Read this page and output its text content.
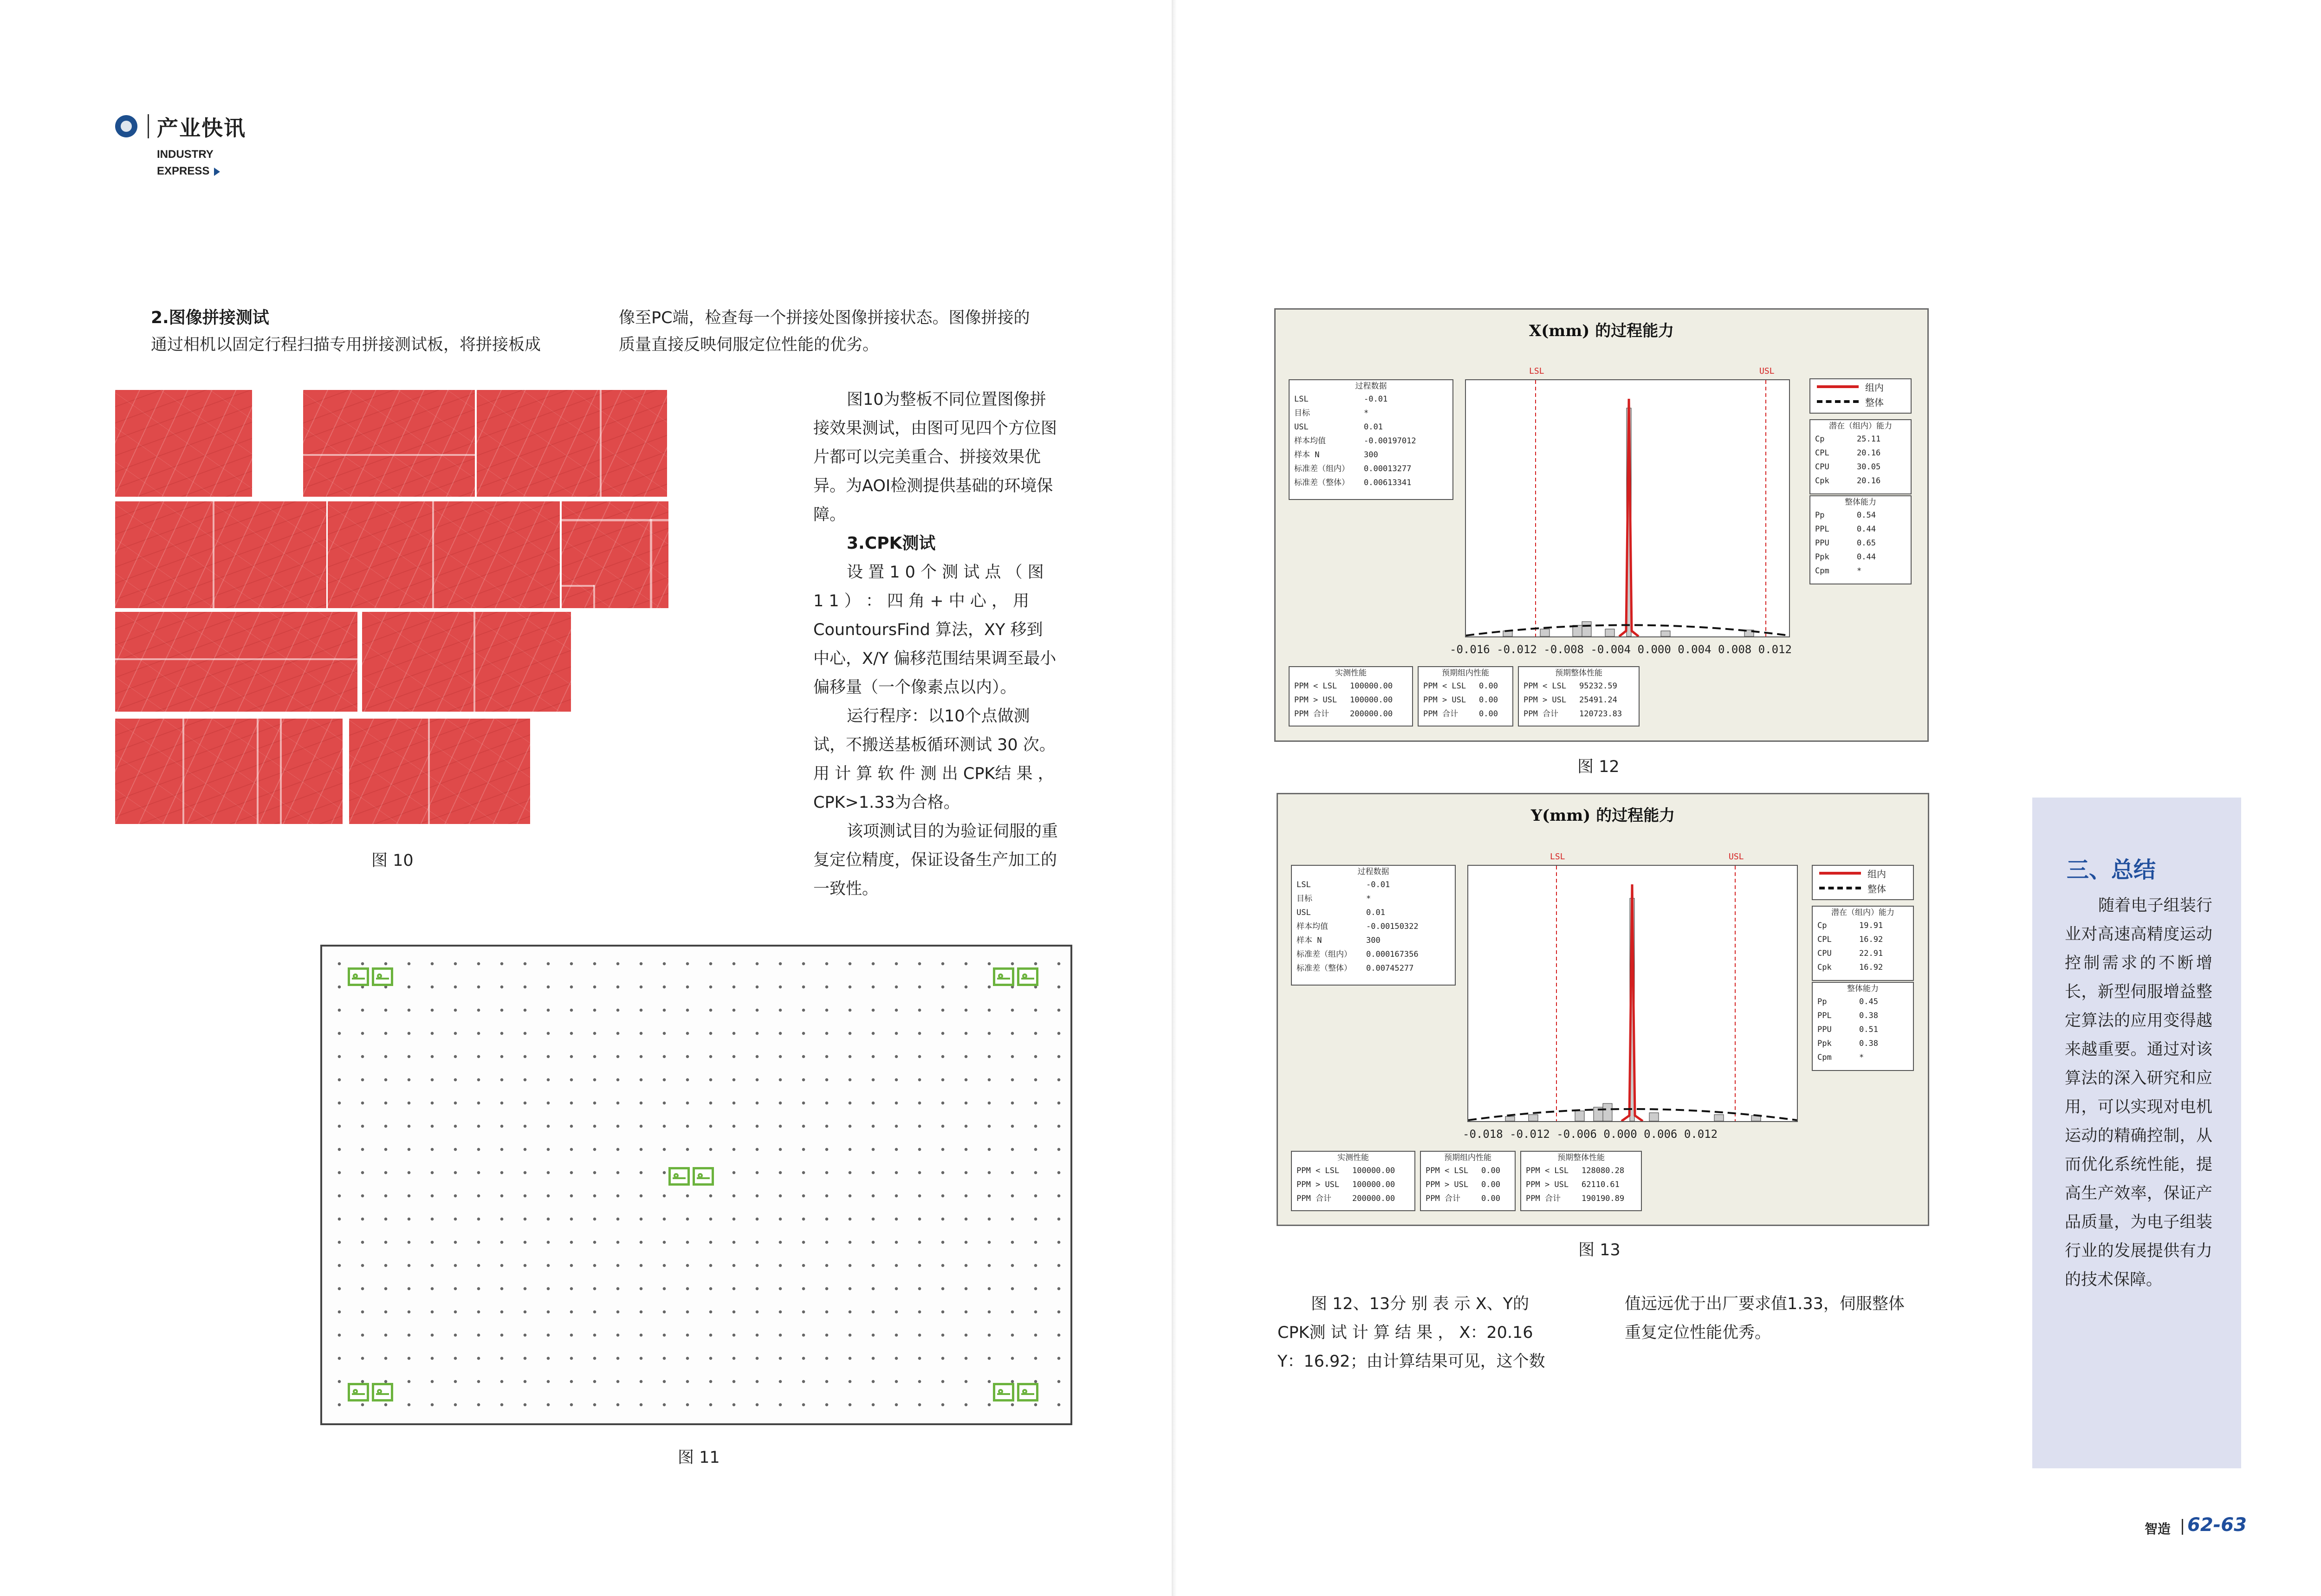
产业快讯
INDUSTRY
EXPRESS
2.图像拼接测试
通过相机以固定行程扫描专用拼接测试板，将拼接板成
像至PC端，检查每一个拼接处图像拼接状态。图像拼接的
质量直接反映伺服定位性能的优劣。
图 10
图10为整板不同位置图像拼
接效果测试，由图可见四个方位图
片都可以完美重合、拼接效果优
异。为AOI检测提供基础的环境保
障。
3.CPK测试
设 置 1 0 个 测 试 点 （ 图
1 1 ） ： 四 角 + 中 心 ， 用
CountoursFind 算法，XY 移到
中心，X/Y 偏移范围结果调至最小
偏移量（一个像素点以内）。
运行程序：以10个点做测
试，不搬送基板循环测试 30 次。
用 计 算 软 件 测 出 CPK结 果 ，
CPK>1.33为合格。
该项测试目的为验证伺服的重
复定位精度，保证设备生产加工的
一致性。
图 11
X(mm) 的过程能力
过程数据
LSL	-0.01
目标	*
USL	0.01
样本均值	-0.00197012
样本 N	300
标准差（组内）	0.00013277
标准差（整体）	0.00613341
LSL	USL
-0.016 -0.012 -0.008 -0.004 0.000 0.004 0.008 0.012
组内
整体
潜在（组内）能力
Cp	25.11
CPL	20.16
CPU	30.05
Cpk	20.16
整体能力
Pp	0.54
PPL	0.44
PPU	0.65
Ppk	0.44
Cpm	*
实测性能
PPM < LSL	100000.00
PPM > USL	100000.00
PPM 合计	200000.00
预期组内性能
PPM < LSL	0.00
PPM > USL	0.00
PPM 合计	0.00
预期整体性能
PPM < LSL	95232.59
PPM > USL	25491.24
PPM 合计	120723.83
图 12
Y(mm) 的过程能力
过程数据
LSL	-0.01
目标	*
USL	0.01
样本均值	-0.00150322
样本 N	300
标准差（组内）	0.000167356
标准差（整体）	0.00745277
LSL	USL
-0.018 -0.012 -0.006 0.000 0.006 0.012
组内
整体
潜在（组内）能力
Cp	19.91
CPL	16.92
CPU	22.91
Cpk	16.92
整体能力
Pp	0.45
PPL	0.38
PPU	0.51
Ppk	0.38
Cpm	*
实测性能
PPM < LSL	100000.00
PPM > USL	100000.00
PPM 合计	200000.00
预期组内性能
PPM < LSL	0.00
PPM > USL	0.00
PPM 合计	0.00
预期整体性能
PPM < LSL	128080.28
PPM > USL	62110.61
PPM 合计	190190.89
图 13
图 12、13分 别 表 示 X、Y的
CPK测 试 计 算 结 果 ， X：20.16
Y：16.92；由计算结果可见，这个数
值远远优于出厂要求值1.33，伺服整体
重复定位性能优秀。
三、总结
随着电子组装行业对高速高精度运动控制需求的不断增长，新型伺服增益整定算法的应用变得越来越重要。通过对该算法的深入研究和应用，可以实现对电机运动的精确控制，从而优化系统性能，提高生产效率，保证产品质量，为电子组装行业的发展提供有力的技术保障。
智造 62-63
